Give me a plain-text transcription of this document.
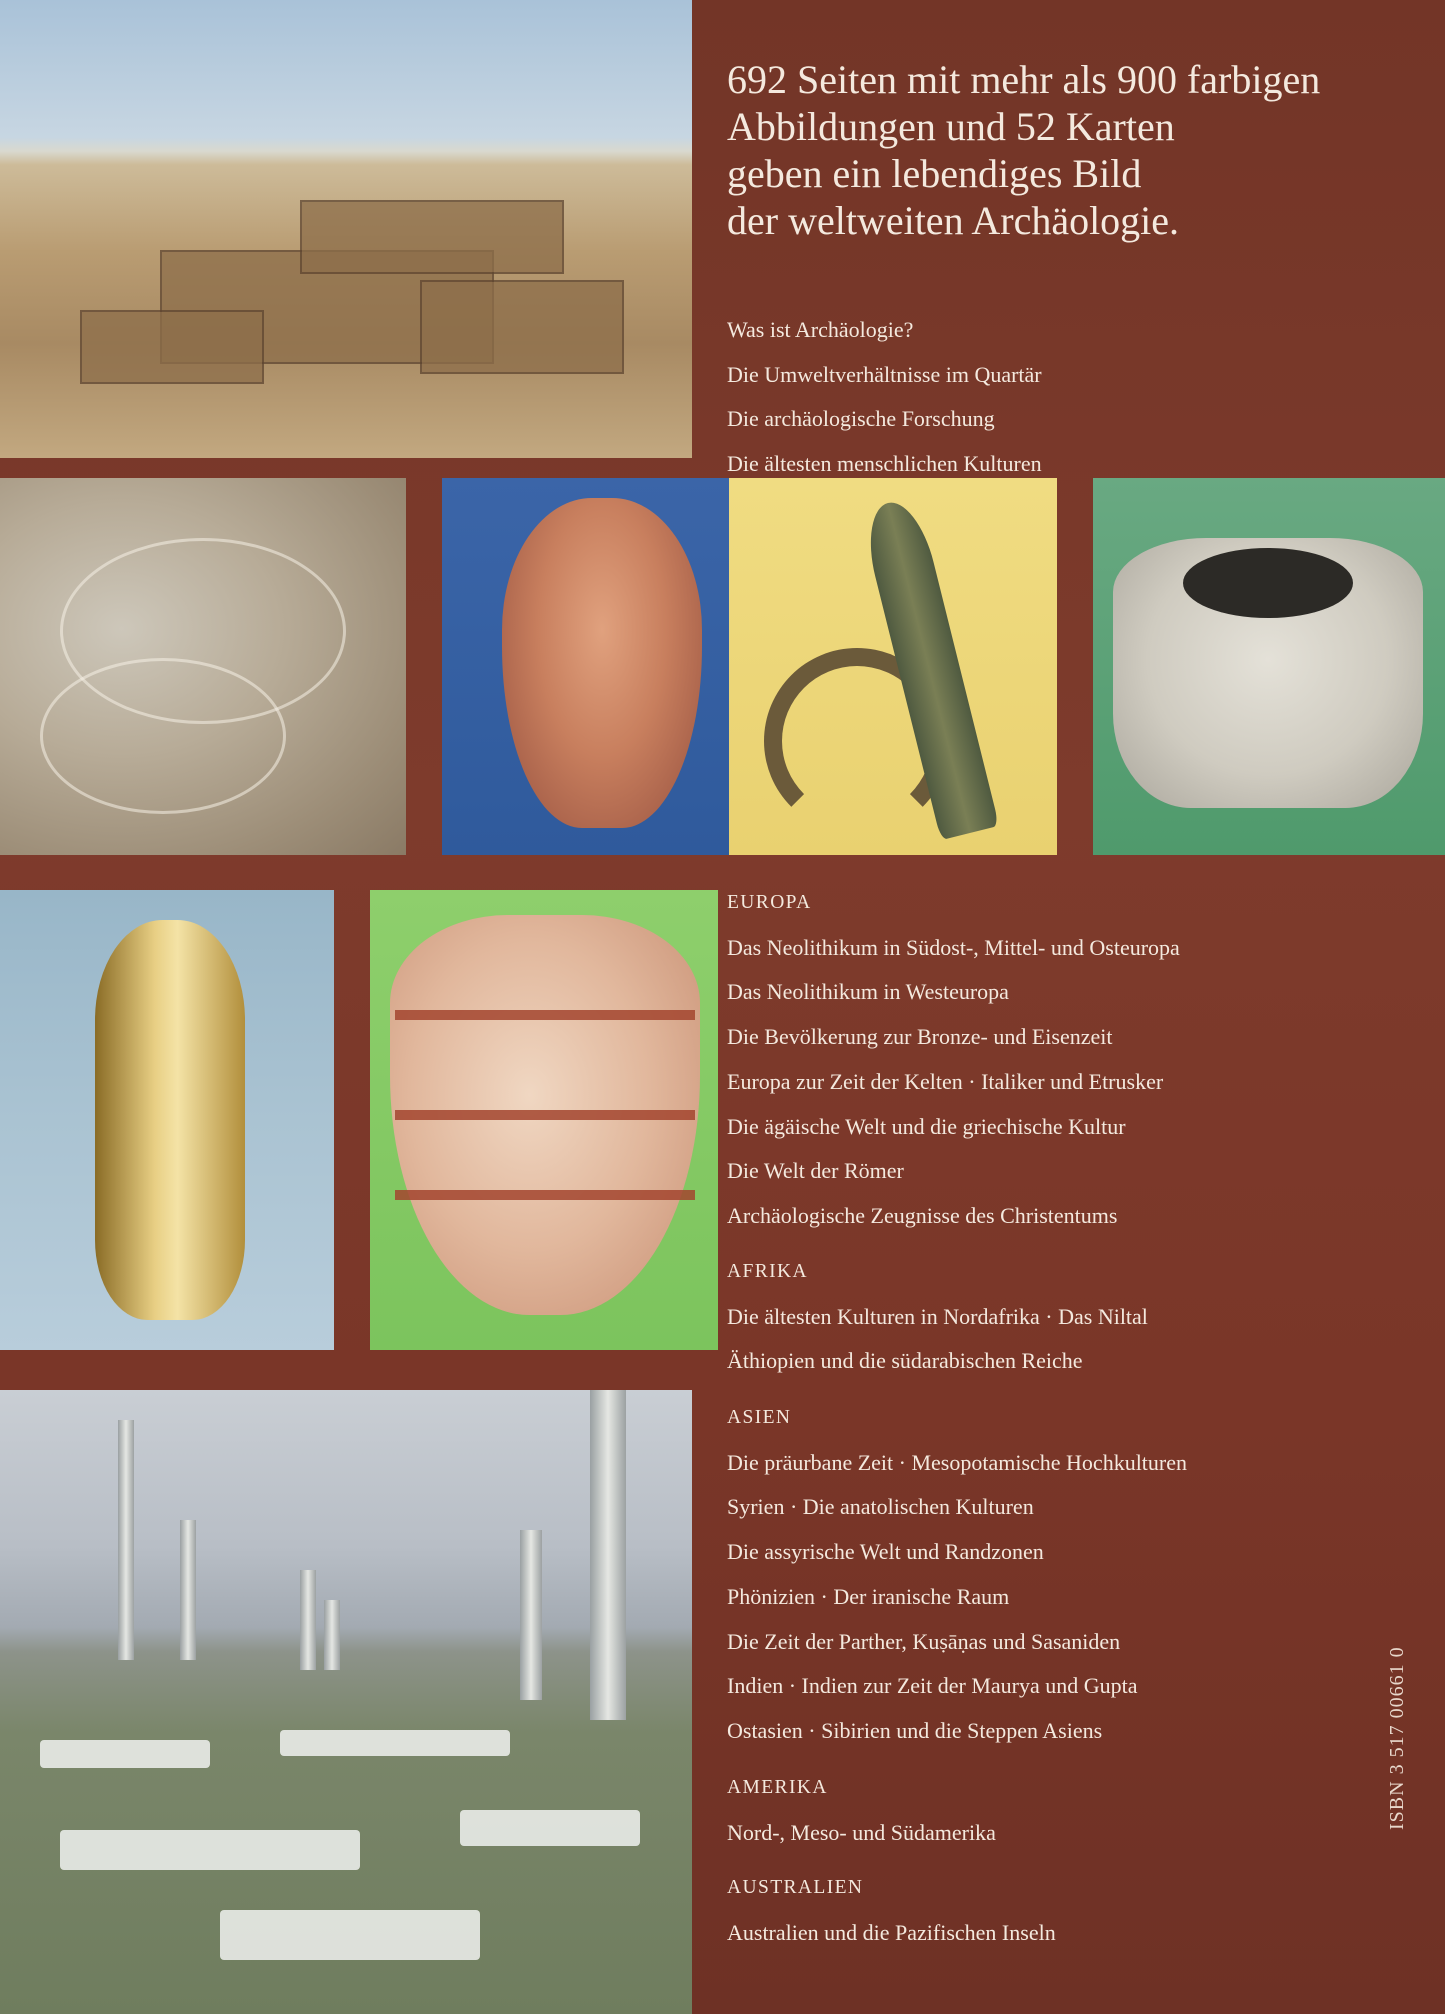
692 Seiten mit mehr als 900 farbigen
Abbildungen und 52 Karten
geben ein lebendiges Bild
der weltweiten Archäologie.
Was ist Archäologie?
Die Umweltverhältnisse im Quartär
Die archäologische Forschung
Die ältesten menschlichen Kulturen
EUROPA
Das Neolithikum in Südost-, Mittel- und Osteuropa
Das Neolithikum in Westeuropa
Die Bevölkerung zur Bronze- und Eisenzeit
Europa zur Zeit der Kelten · Italiker und Etrusker
Die ägäische Welt und die griechische Kultur
Die Welt der Römer
Archäologische Zeugnisse des Christentums
AFRIKA
Die ältesten Kulturen in Nordafrika · Das Niltal
Äthiopien und die südarabischen Reiche
ASIEN
Die präurbane Zeit · Mesopotamische Hochkulturen
Syrien · Die anatolischen Kulturen
Die assyrische Welt und Randzonen
Phönizien · Der iranische Raum
Die Zeit der Parther, Kuṣāṇas und Sasaniden
Indien · Indien zur Zeit der Maurya und Gupta
Ostasien · Sibirien und die Steppen Asiens
AMERIKA
Nord-, Meso- und Südamerika
AUSTRALIEN
Australien und die Pazifischen Inseln
ISBN 3 517 00661 0
